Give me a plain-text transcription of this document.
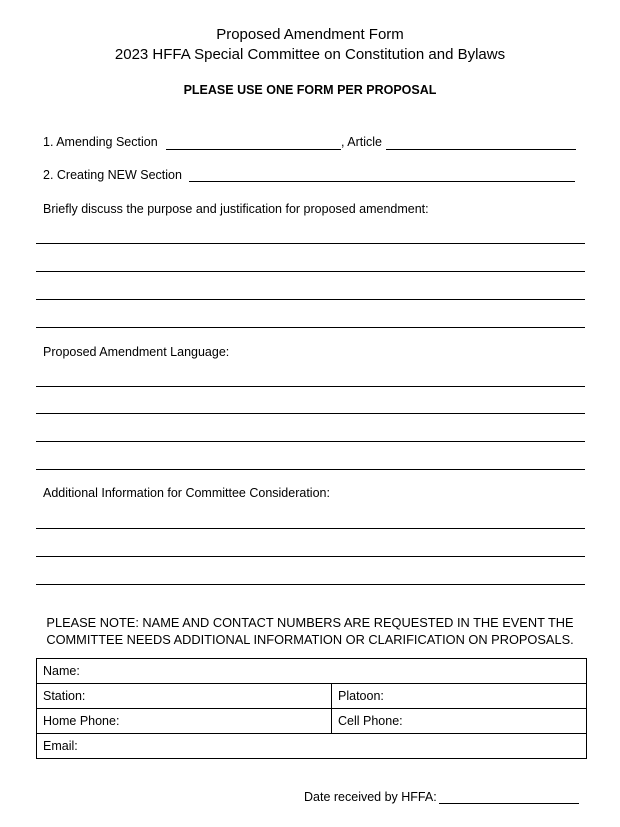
Proposed Amendment Form
2023 HFFA Special Committee on Constitution and Bylaws
PLEASE USE ONE FORM PER PROPOSAL
1. Amending Section	, Article
2. Creating NEW Section
Briefly discuss the purpose and justification for proposed amendment:
Proposed Amendment Language:
Additional Information for Committee Consideration:
PLEASE NOTE: NAME AND CONTACT NUMBERS ARE REQUESTED IN THE EVENT THE
COMMITTEE NEEDS ADDITIONAL INFORMATION OR CLARIFICATION ON PROPOSALS.
Name:	
Station:	Platoon:
Home Phone:	Cell Phone:
Email:	
Date received by HFFA:
